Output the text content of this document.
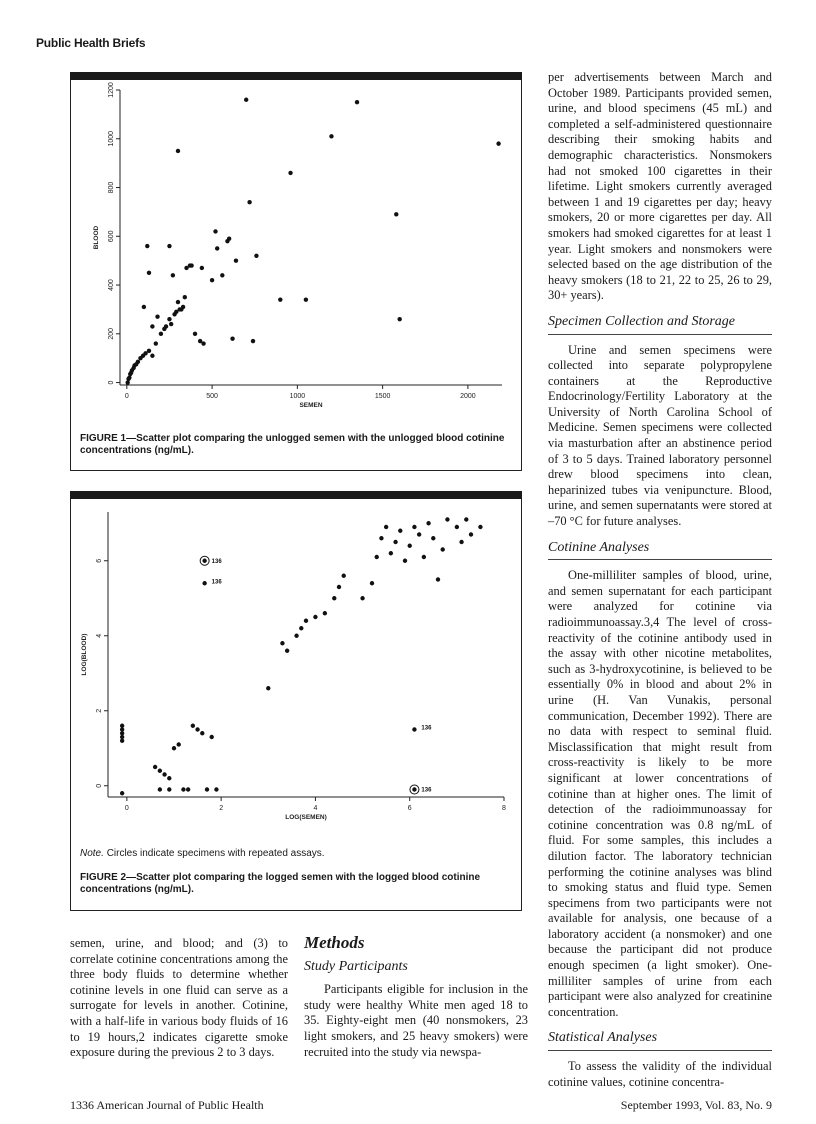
Public Health Briefs
0	500	1000	1500	2000
0
200
400
600
800
1000
1200
SEMEN
BLOOD
FIGURE 1—Scatter plot comparing the unlogged semen with the unlogged blood cotinine concentrations (ng/mL).
0	2	4	6	8
0
2
4
6
LOG(SEMEN)
LOG(BLOOD)
136
136
136
136
Note. Circles indicate specimens with repeated assays.
FIGURE 2—Scatter plot comparing the logged semen with the logged blood cotinine concentrations (ng/mL).

semen, urine, and blood; and (3) to correlate cotinine concentrations among the three body fluids to determine whether cotinine levels in one fluid can serve as a surrogate for levels in another. Cotinine, with a half-life in various body fluids of 16 to 19 hours,2 indicates cigarette smoke exposure during the previous 2 to 3 days.

Methods
Study Participants

Participants eligible for inclusion in the study were healthy White men aged 18 to 35. Eighty-eight men (40 nonsmokers, 23 light smokers, and 25 heavy smokers) were recruited into the study via newspa-

per advertisements between March and October 1989. Participants provided semen, urine, and blood specimens (45 mL) and completed a self-administered questionnaire describing their smoking habits and demographic characteristics. Nonsmokers had not smoked 100 cigarettes in their lifetime. Light smokers currently averaged between 1 and 19 cigarettes per day; heavy smokers, 20 or more cigarettes per day. All smokers had smoked cigarettes for at least 1 year. Light smokers and nonsmokers were selected based on the age distribution of the heavy smokers (18 to 21, 22 to 25, 26 to 29, 30+ years).

Specimen Collection and Storage

Urine and semen specimens were collected into separate polypropylene containers at the Reproductive Endocrinology/Fertility Laboratory at the University of North Carolina School of Medicine. Semen specimens were collected via masturbation after an abstinence period of 3 to 5 days. Trained laboratory personnel drew blood specimens into clean, heparinized tubes via venipuncture. Blood, urine, and semen supernatants were stored at –70 °C for future analyses.

Cotinine Analyses

One-milliliter samples of blood, urine, and semen supernatant for each participant were analyzed for cotinine via radioimmunoassay.3,4 The level of cross-reactivity of the cotinine antibody used in the assay with other nicotine metabolites, such as 3-hydroxycotinine, is believed to be essentially 0% in blood and about 2% in urine (H. Van Vunakis, personal communication, December 1992). There are no data with respect to seminal fluid. Misclassification that might result from cross-reactivity is likely to be more significant at lower concentrations of cotinine than at higher ones. The limit of detection of the radioimmunoassay for cotinine concentration was 0.8 ng/mL of fluid. For some samples, this includes a dilution factor. The laboratory technician performing the cotinine analyses was blind to smoking status and fluid type. Semen specimens from two participants were not available for analysis, one because of a laboratory accident (a nonsmoker) and one because the participant did not produce enough specimen (a light smoker). One-milliliter samples of urine from each participant were also analyzed for creatinine concentration.

Statistical Analyses

To assess the validity of the individual cotinine values, cotinine concentra-

1336 American Journal of Public Health	September 1993, Vol. 83, No. 9
